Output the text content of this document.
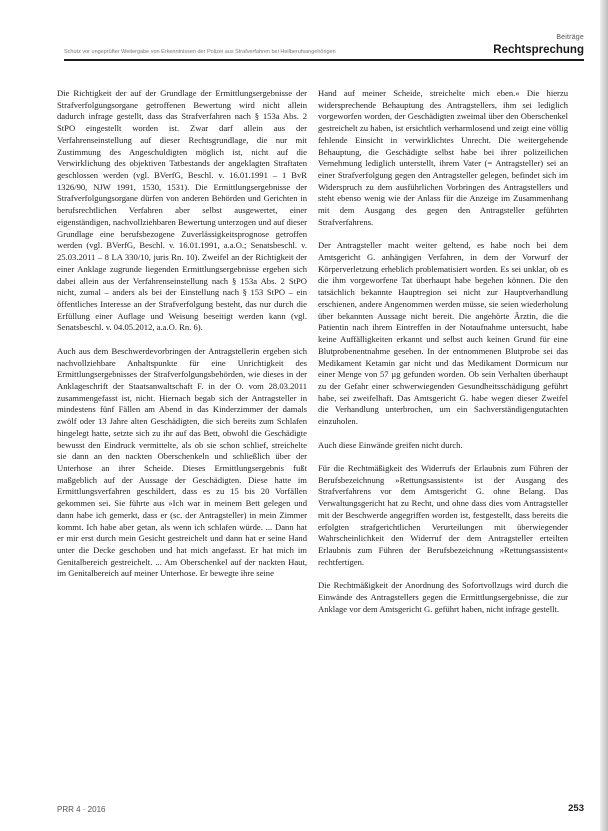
Beiträge
Schutz vor ungeprüfter Weitergabe von Erkenntnissen der Polizei aus Strafverfahren bei Heilberufsangehörigen	Rechtsprechung

Die Richtigkeit der auf der Grundlage der Ermittlungsergebnisse der Strafverfolgungsorgane getroffenen Bewertung wird nicht allein dadurch infrage gestellt, dass das Strafverfahren nach § 153a Abs. 2 StPO eingestellt worden ist. Zwar darf allein aus der Verfahrenseinstellung auf dieser Rechtsgrundlage, die nur mit Zustimmung des Angeschuldigten möglich ist, nicht auf die Verwirklichung des objektiven Tatbestands der angeklagten Straftaten geschlossen werden (vgl. BVerfG, Beschl. v. 16.01.1991 – 1 BvR 1326/90, NJW 1991, 1530, 1531). Die Ermittlungsergebnisse der Strafverfolgungsorgane dürfen von anderen Behörden und Gerichten in berufsrechtlichen Verfahren aber selbst ausgewertet, einer eigenständigen, nachvollziehbaren Bewertung unterzogen und auf dieser Grundlage eine berufsbezogene Zuverlässigkeitsprognose getroffen werden (vgl. BVerfG, Beschl. v. 16.01.1991, a.a.O.; Senatsbeschl. v. 25.03.2011 – 8 LA 330/10, juris Rn. 10). Zweifel an der Richtigkeit der einer Anklage zugrunde liegenden Ermittlungsergebnisse ergeben sich dabei allein aus der Verfahrenseinstellung nach § 153a Abs. 2 StPO nicht, zumal – anders als bei der Einstellung nach § 153 StPO – ein öffentliches Interesse an der Strafverfolgung besteht, das nur durch die Erfüllung einer Auflage und Weisung beseitigt werden kann (vgl. Senatsbeschl. v. 04.05.2012, a.a.O. Rn. 6).

Auch aus dem Beschwerdevorbringen der Antragstellerin ergeben sich nachvollziehbare Anhaltspunkte für eine Unrichtigkeit des Ermittlungsergebnisses der Strafverfolgungsbehörden, wie dieses in der Anklageschrift der Staatsanwaltschaft F. in der O. vom 28.03.2011 zusammengefasst ist, nicht. Hiernach begab sich der Antragsteller in mindestens fünf Fällen am Abend in das Kinderzimmer der damals zwölf oder 13 Jahre alten Geschädigten, die sich bereits zum Schlafen hingelegt hatte, setzte sich zu ihr auf das Bett, obwohl die Geschädigte bewusst den Eindruck vermittelte, als ob sie schon schlief, streichelte sie dann an den nackten Oberschenkeln und schließlich über der Unterhose an ihrer Scheide. Dieses Ermittlungsergebnis fußt maßgeblich auf der Aussage der Geschädigten. Diese hatte im Ermittlungsverfahren geschildert, dass es zu 15 bis 20 Vorfällen gekommen sei. Sie führte aus »Ich war in meinem Bett gelegen und dann habe ich gemerkt, dass er (sc. der Antragsteller) in mein Zimmer kommt. Ich habe aber getan, als wenn ich schlafen würde. ... Dann hat er mir erst durch mein Gesicht gestreichelt und dann hat er seine Hand unter die Decke geschoben und hat mich angefasst. Er hat mich im Genitalbereich gestreichelt. ... Am Oberschenkel auf der nackten Haut, im Genitalbereich auf meiner Unterhose. Er bewegte ihre seine

Hand auf meiner Scheide, streichelte mich eben.« Die hierzu widersprechende Behauptung des Antragstellers, ihm sei lediglich vorgeworfen worden, der Geschädigten zweimal über den Oberschenkel gestreichelt zu haben, ist ersichtlich verharmlosend und zeigt eine völlig fehlende Einsicht in verwirklichtes Unrecht. Die weitergehende Behauptung, die Geschädigte selbst habe bei ihrer polizeilichen Vernehmung lediglich unterstellt, ihrem Vater (= Antragsteller) sei an einer Strafverfolgung gegen den Antragsteller gelegen, befindet sich im Widerspruch zu dem ausführlichen Vorbringen des Antragstellers und steht ebenso wenig wie der Anlass für die Anzeige im Zusammenhang mit dem Ausgang des gegen den Antragsteller geführten Strafverfahrens.

Der Antragsteller macht weiter geltend, es habe noch bei dem Amtsgericht G. anhängigen Verfahren, in dem der Vorwurf der Körperverletzung erheblich problematisiert worden. Es sei unklar, ob es die ihm vorgeworfene Tat überhaupt habe begehen können. Die den tatsächlich bekannte Hauptregion sei nicht zur Hauptverhandlung erschienen, andere Angenommen werden müsse, sie seien wiederholung über bekannten Aussage nicht bereit. Die angehörte Ärztin, die die Patientin nach ihrem Eintreffen in der Notaufnahme untersucht, habe keine Auffälligkeiten erkannt und selbst auch keinen Grund für eine Blutprobenentnahme gesehen. In der entnommenen Blutprobe sei das Medikament Ketamin gar nicht und das Medikament Dormicum nur einer Menge von 57 µg gefunden worden. Ob sein Verhalten überhaupt zu der Gefahr einer schwerwiegenden Gesundheitsschädigung geführt habe, sei zweifelhaft. Das Amtsgericht G. habe wegen dieser Zweifel die Verhandlung unterbrochen, um ein Sachverständigengutachten einzuholen.

Auch diese Einwände greifen nicht durch.

Für die Rechtmäßigkeit des Widerrufs der Erlaubnis zum Führen der Berufsbezeichnung »Rettungsassistent« ist der Ausgang des Strafverfahrens vor dem Amtsgericht G. ohne Belang. Das Verwaltungsgericht hat zu Recht, und ohne dass dies vom Antragsteller mit der Beschwerde angegriffen worden ist, festgestellt, dass bereits die erfolgten strafgerichtlichen Verurteilungen mit überwiegender Wahrscheinlichkeit den Widerruf der dem Antragsteller erteilten Erlaubnis zum Führen der Berufsbezeichnung »Rettungsassistent« rechtfertigen.

Die Rechtmäßigkeit der Anordnung des Sofortvollzugs wird durch die Einwände des Antragstellers gegen die Ermittlungsergebnisse, die zur Anklage vor dem Amtsgericht G. geführt haben, nicht infrage gestellt.

PRR 4 · 2016	253
